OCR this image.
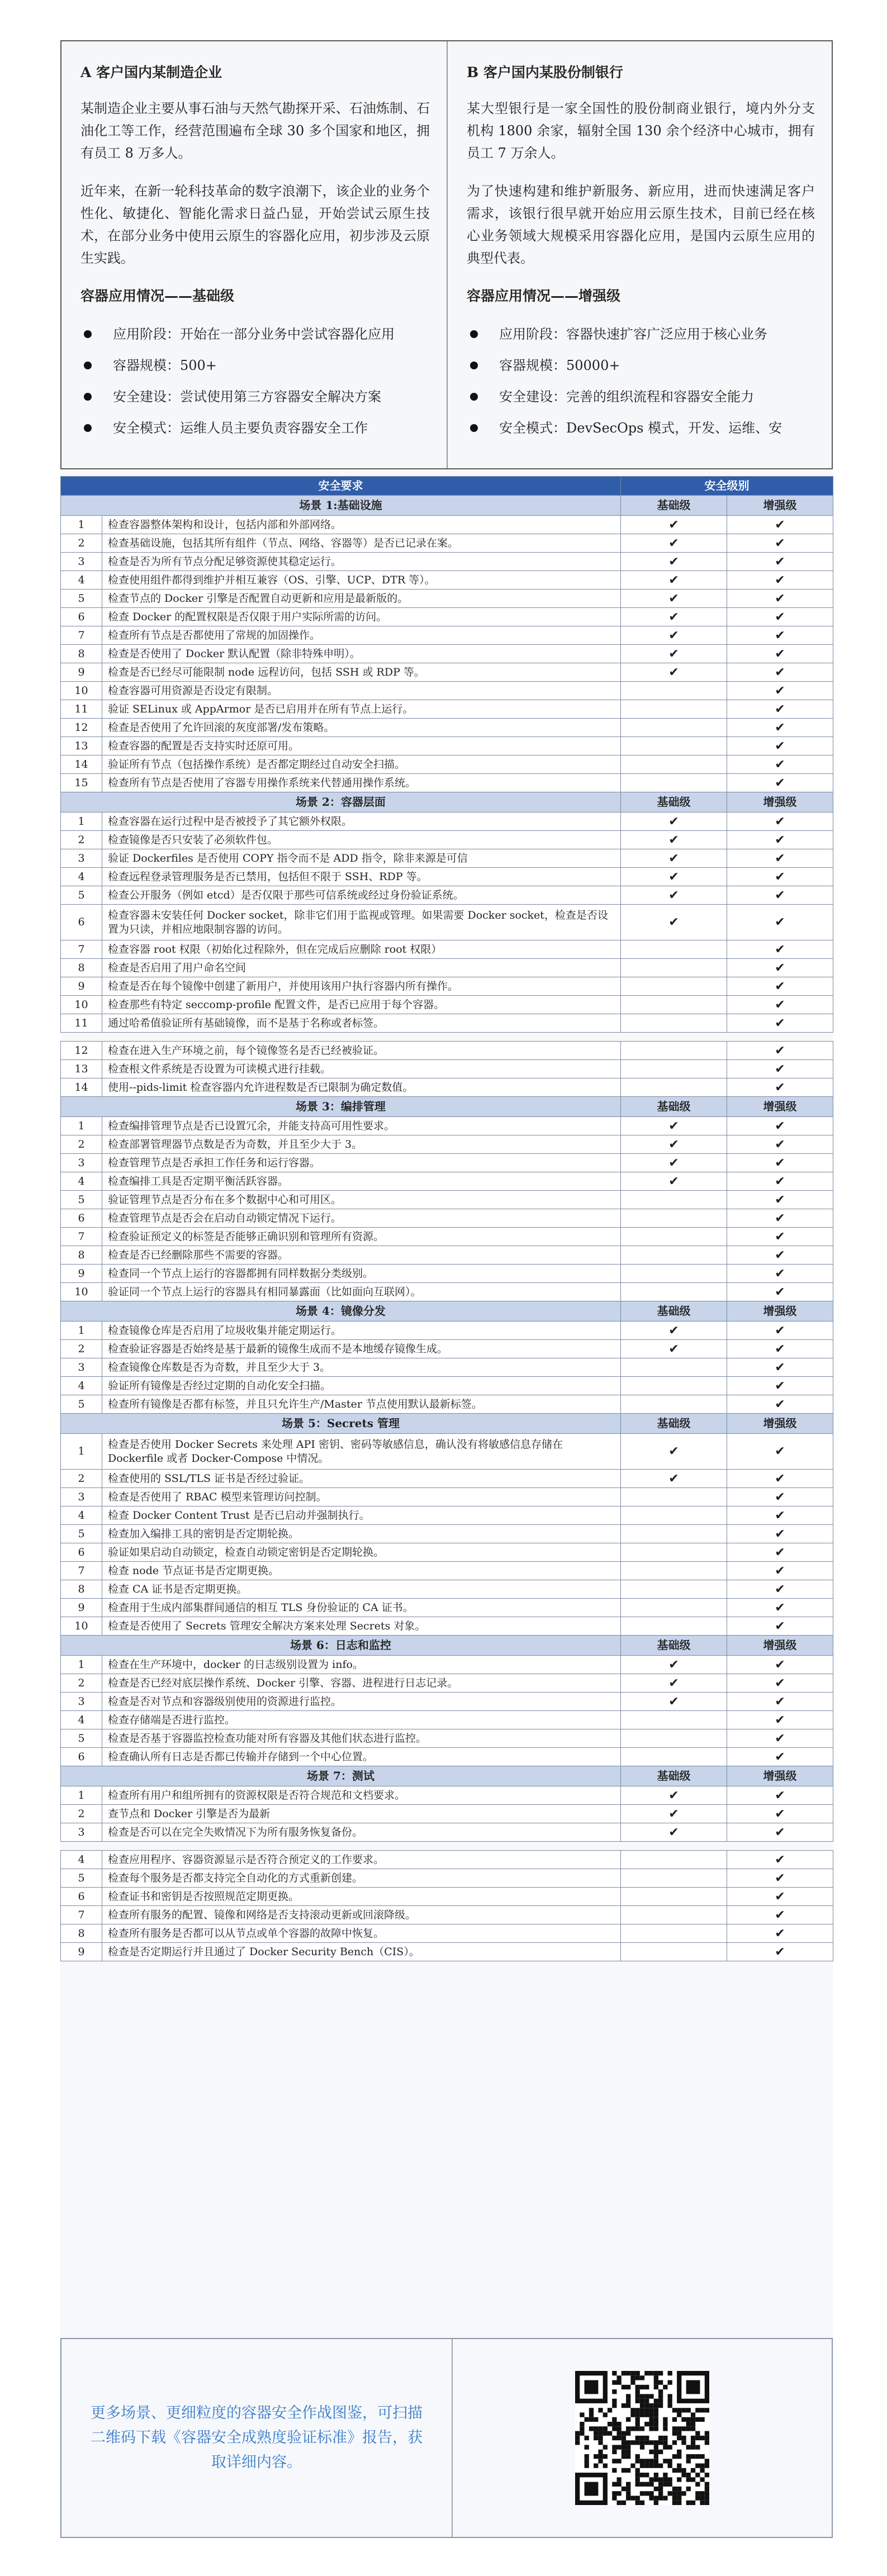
A 客户国内某制造企业

某制造企业主要从事石油与天然气勘探开采、石油炼制、石油化工等工作，经营范围遍布全球 30 多个国家和地区，拥有员工 8 万多人。

近年来，在新一轮科技革命的数字浪潮下，该企业的业务个性化、敏捷化、智能化需求日益凸显，开始尝试云原生技术，在部分业务中使用云原生的容器化应用，初步涉及云原生实践。

容器应用情况——基础级
应用阶段：开始在一部分业务中尝试容器化应用
容器规模：500+
安全建设：尝试使用第三方容器安全解决方案
安全模式：运维人员主要负责容器安全工作
B 客户国内某股份制银行

某大型银行是一家全国性的股份制商业银行，境内外分支机构 1800 余家，辐射全国 130 余个经济中心城市，拥有员工 7 万余人。

为了快速构建和维护新服务、新应用，进而快速满足客户需求，该银行很早就开始应用云原生技术，目前已经在核心业务领域大规模采用容器化应用，是国内云原生应用的典型代表。

容器应用情况——增强级
应用阶段：容器快速扩容广泛应用于核心业务
容器规模：50000+
安全建设：完善的组织流程和容器安全能力
安全模式：DevSecOps 模式，开发、运维、安
安全要求		安全级别	
场景 1:基础设施		基础级	增强级
1	检查容器整体架构和设计，包括内部和外部网络。	✔	✔
2	检查基础设施，包括其所有组件（节点、网络、容器等）是否已记录在案。	✔	✔
3	检查是否为所有节点分配足够资源使其稳定运行。	✔	✔
4	检查使用组件都得到维护并相互兼容（OS、引擎、UCP、DTR 等）。	✔	✔
5	检查节点的 Docker 引擎是否配置自动更新和应用是最新版的。	✔	✔
6	检查 Docker 的配置权限是否仅限于用户实际所需的访问。	✔	✔
7	检查所有节点是否都使用了常规的加固操作。	✔	✔
8	检查是否使用了 Docker 默认配置（除非特殊申明）。	✔	✔
9	检查是否已经尽可能限制 node 远程访问，包括 SSH 或 RDP 等。	✔	✔
10	检查容器可用资源是否设定有限制。		✔
11	验证 SELinux 或 AppArmor 是否已启用并在所有节点上运行。		✔
12	检查是否使用了允许回滚的灰度部署/发布策略。		✔
13	检查容器的配置是否支持实时还原可用。		✔
14	验证所有节点（包括操作系统）是否都定期经过自动安全扫描。		✔
15	检查所有节点是否使用了容器专用操作系统来代替通用操作系统。		✔
场景 2：容器层面		基础级	增强级
1	检查容器在运行过程中是否被授予了其它额外权限。	✔	✔
2	检查镜像是否只安装了必须软件包。	✔	✔
3	验证 Dockerfiles 是否使用 COPY 指令而不是 ADD 指令，除非来源是可信	✔	✔
4	检查远程登录管理服务是否已禁用，包括但不限于 SSH、RDP 等。	✔	✔
5	检查公开服务（例如 etcd）是否仅限于那些可信系统或经过身份验证系统。	✔	✔
6	检查容器未安装任何 Docker socket，除非它们用于监视或管理。如果需要 Docker socket，检查是否设置为只读，并相应地限制容器的访问。	✔	✔
7	检查容器 root 权限（初始化过程除外，但在完成后应删除 root 权限）		✔
8	检查是否启用了用户命名空间		✔
9	检查是否在每个镜像中创建了新用户，并使用该用户执行容器内所有操作。		✔
10	检查那些有特定 seccomp-profile 配置文件，是否已应用于每个容器。		✔
11	通过哈希值验证所有基础镜像，而不是基于名称或者标签。		✔

12	检查在进入生产环境之前，每个镜像签名是否已经被验证。		✔
13	检查根文件系统是否设置为可读模式进行挂载。		✔
14	使用--pids-limit 检查容器内允许进程数是否已限制为确定数值。		✔
场景 3：编排管理		基础级	增强级
1	检查编排管理节点是否已设置冗余，并能支持高可用性要求。	✔	✔
2	检查部署管理器节点数是否为奇数，并且至少大于 3。	✔	✔
3	检查管理节点是否承担工作任务和运行容器。	✔	✔
4	检查编排工具是否定期平衡活跃容器。	✔	✔
5	验证管理节点是否分布在多个数据中心和可用区。		✔
6	检查管理节点是否会在启动自动锁定情况下运行。		✔
7	检查验证预定义的标签是否能够正确识别和管理所有资源。		✔
8	检查是否已经删除那些不需要的容器。		✔
9	检查同一个节点上运行的容器都拥有同样数据分类级别。		✔
10	验证同一个节点上运行的容器具有相同暴露面（比如面向互联网）。		✔
场景 4：镜像分发		基础级	增强级
1	检查镜像仓库是否启用了垃圾收集并能定期运行。	✔	✔
2	检查验证容器是否始终是基于最新的镜像生成而不是本地缓存镜像生成。	✔	✔
3	检查镜像仓库数是否为奇数，并且至少大于 3。		✔
4	验证所有镜像是否经过定期的自动化安全扫描。		✔
5	检查所有镜像是否都有标签，并且只允许生产/Master 节点使用默认最新标签。		✔
场景 5：Secrets 管理		基础级	增强级
1	检查是否使用 Docker Secrets 来处理 API 密钥、密码等敏感信息，确认没有将敏感信息存储在 Dockerfile 或者 Docker-Compose 中情况。	✔	✔
2	检查使用的 SSL/TLS 证书是否经过验证。	✔	✔
3	检查是否使用了 RBAC 模型来管理访问控制。		✔
4	检查 Docker Content Trust 是否已启动并强制执行。		✔
5	检查加入编排工具的密钥是否定期轮换。		✔
6	验证如果启动自动锁定，检查自动锁定密钥是否定期轮换。		✔
7	检查 node 节点证书是否定期更换。		✔
8	检查 CA 证书是否定期更换。		✔
9	检查用于生成内部集群间通信的相互 TLS 身份验证的 CA 证书。		✔
10	检查是否使用了 Secrets 管理安全解决方案来处理 Secrets 对象。		✔
场景 6：日志和监控		基础级	增强级
1	检查在生产环境中，docker 的日志级别设置为 info。	✔	✔
2	检查是否已经对底层操作系统、Docker 引擎、容器、进程进行日志记录。	✔	✔
3	检查是否对节点和容器级别使用的资源进行监控。	✔	✔
4	检查存储端是否进行监控。		✔
5	检查是否基于容器监控检查功能对所有容器及其他们状态进行监控。		✔
6	检查确认所有日志是否都已传输并存储到一个中心位置。		✔
场景 7：测试		基础级	增强级
1	检查所有用户和组所拥有的资源权限是否符合规范和文档要求。	✔	✔
2	查节点和 Docker 引擎是否为最新	✔	✔
3	检查是否可以在完全失败情况下为所有服务恢复备份。	✔	✔

4	检查应用程序、容器资源显示是否符合预定义的工作要求。		✔
5	检查每个服务是否都支持完全自动化的方式重新创建。		✔
6	检查证书和密钥是否按照规范定期更换。		✔
7	检查所有服务的配置、镜像和网络是否支持滚动更新或回滚降级。		✔
8	检查所有服务是否都可以从节点或单个容器的故障中恢复。		✔
9	检查是否定期运行并且通过了 Docker Security Bench（CIS）。		✔

更多场景、更细粒度的容器安全作战图鉴，可扫描二维码下载《容器安全成熟度验证标准》报告，获取详细内容。
